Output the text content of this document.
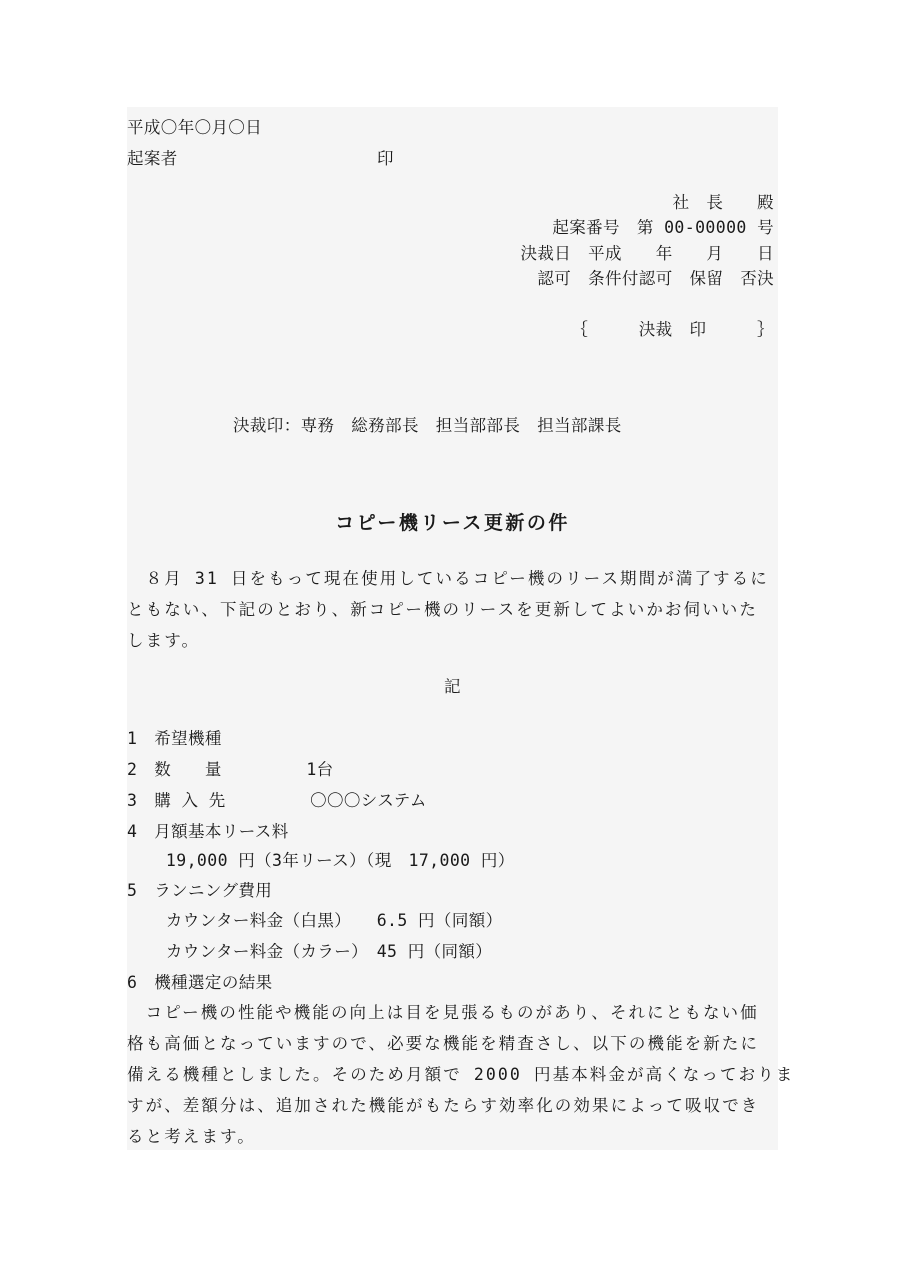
平成〇年〇月〇日
起案者	印
社　長　　殿
起案番号　第 00-00000 号
決裁日　平成　　年　　月　　日
認可　条件付認可　保留　否決
｛　　　決裁　印　　　｝
決裁印：専務　総務部長　担当部部長　担当部課長
コピー機リース更新の件
　８月 31 日をもって現在使用しているコピー機のリース期間が満了するに
ともない、下記のとおり、新コピー機のリースを更新してよいかお伺いいた
します。
記
1　希望機種
2　数　　量　　　　　1台
3　購 入 先　　　　　〇〇〇システム
4　月額基本リース料
　19,000 円（3年リース）（現　17,000 円）
5　ランニング費用
　カウンター料金（白黒）　　6.5 円（同額）
　カウンター料金（カラー）　45 円（同額）
6　機種選定の結果
　コピー機の性能や機能の向上は目を見張るものがあり、それにともない価
格も高価となっていますので、必要な機能を精査さし、以下の機能を新たに
備える機種としました。そのため月額で 2000 円基本料金が高くなっておりま
すが、差額分は、追加された機能がもたらす効率化の効果によって吸収でき
ると考えます。
